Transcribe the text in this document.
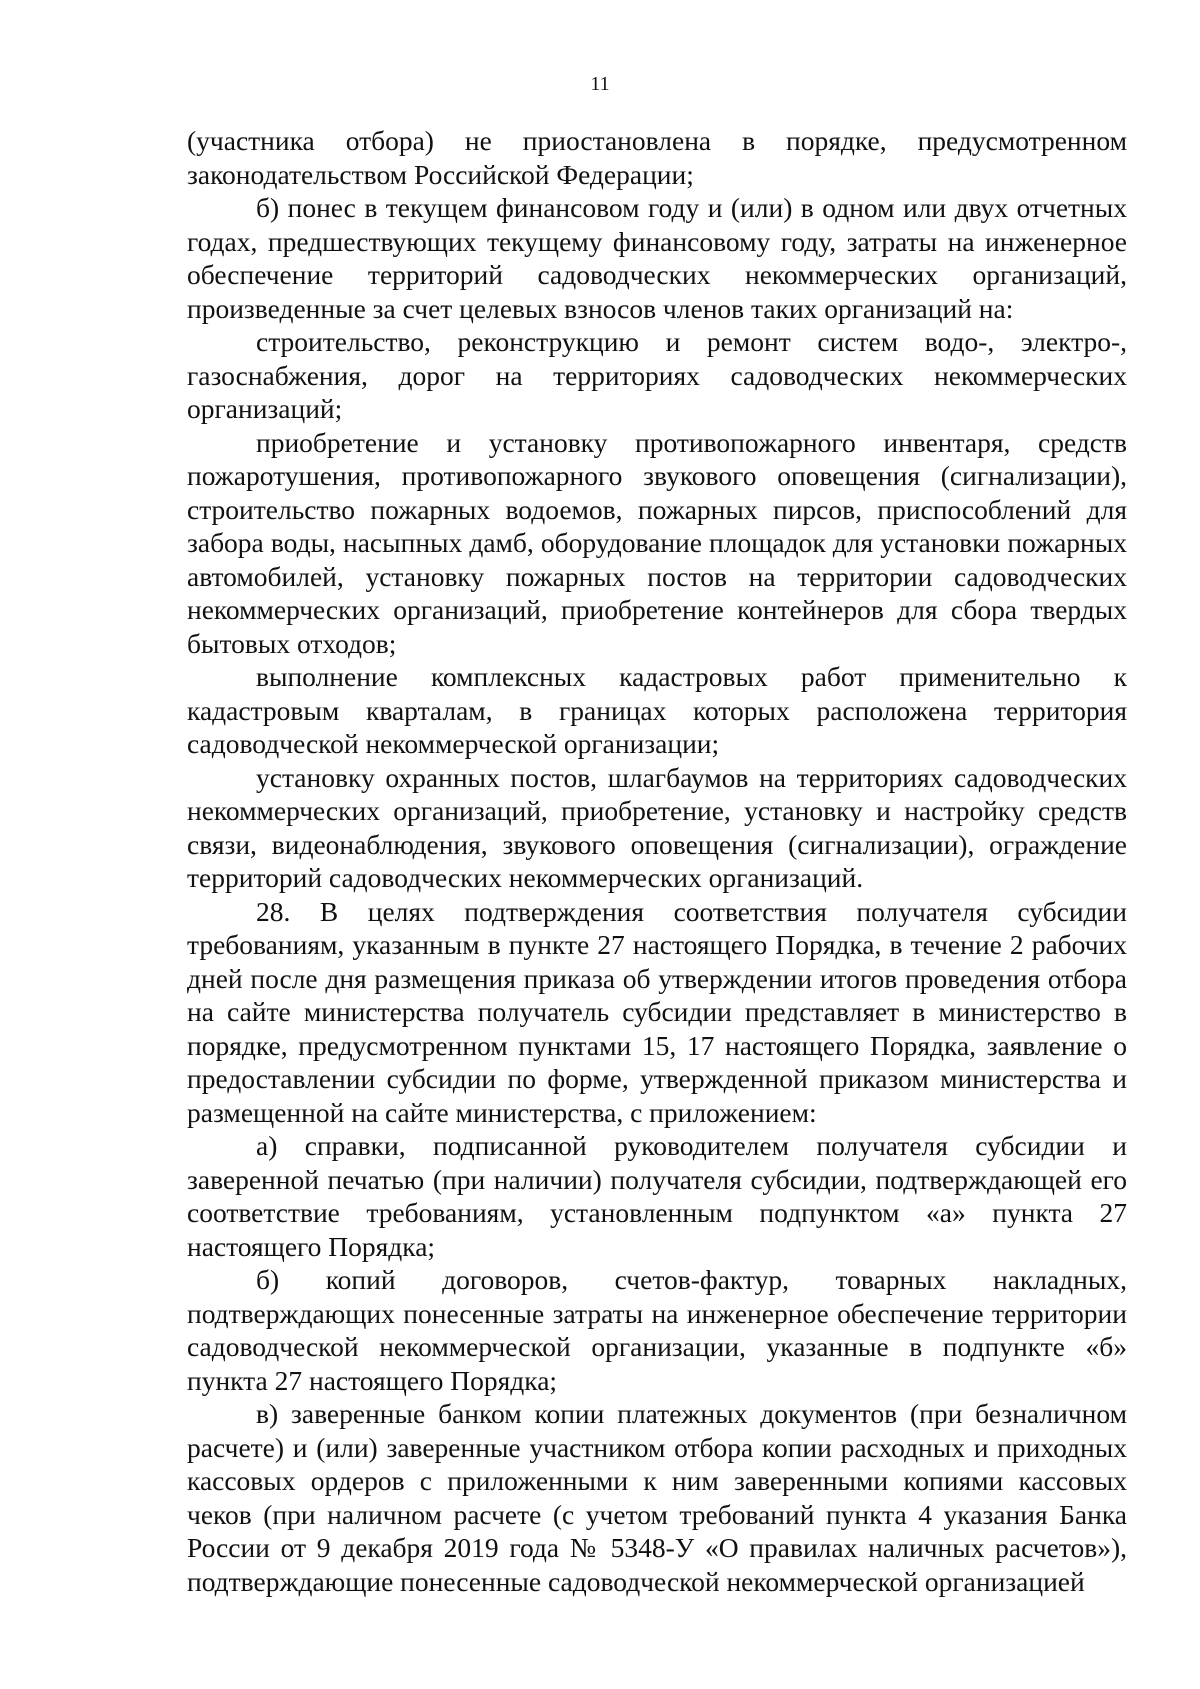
11

(участника отбора) не приостановлена в порядке, предусмотренном законодательством Российской Федерации;

б) понес в текущем финансовом году и (или) в одном или двух отчетных годах, предшествующих текущему финансовому году, затраты на инженерное обеспечение территорий садоводческих некоммерческих организаций, произведенные за счет целевых взносов членов таких организаций на:

строительство, реконструкцию и ремонт систем водо-, электро-, газоснабжения, дорог на территориях садоводческих некоммерческих организаций;

приобретение и установку противопожарного инвентаря, средств пожаротушения, противопожарного звукового оповещения (сигнализации), строительство пожарных водоемов, пожарных пирсов, приспособлений для забора воды, насыпных дамб, оборудование площадок для установки пожарных автомобилей, установку пожарных постов на территории садоводческих некоммерческих организаций, приобретение контейнеров для сбора твердых бытовых отходов;

выполнение комплексных кадастровых работ применительно к кадастровым кварталам, в границах которых расположена территория садоводческой некоммерческой организации;

установку охранных постов, шлагбаумов на территориях садоводческих некоммерческих организаций, приобретение, установку и настройку средств связи, видеонаблюдения, звукового оповещения (сигнализации), ограждение территорий садоводческих некоммерческих организаций.

28. В целях подтверждения соответствия получателя субсидии требованиям, указанным в пункте 27 настоящего Порядка, в течение 2 рабочих дней после дня размещения приказа об утверждении итогов проведения отбора на сайте министерства получатель субсидии представляет в министерство в порядке, предусмотренном пунктами 15, 17 настоящего Порядка, заявление о предоставлении субсидии по форме, утвержденной приказом министерства и размещенной на сайте министерства, с приложением:

а) справки, подписанной руководителем получателя субсидии и заверенной печатью (при наличии) получателя субсидии, подтверждающей его соответствие требованиям, установленным подпунктом «а» пункта 27 настоящего Порядка;

б) копий договоров, счетов-фактур, товарных накладных, подтверждающих понесенные затраты на инженерное обеспечение территории садоводческой некоммерческой организации, указанные в подпункте «б» пункта 27 настоящего Порядка;

в) заверенные банком копии платежных документов (при безналичном расчете) и (или) заверенные участником отбора копии расходных и приходных кассовых ордеров с приложенными к ним заверенными копиями кассовых чеков (при наличном расчете (с учетом требований пункта 4 указания Банка России от 9 декабря 2019 года № 5348-У «О правилах наличных расчетов»), подтверждающие понесенные садоводческой некоммерческой организацией
